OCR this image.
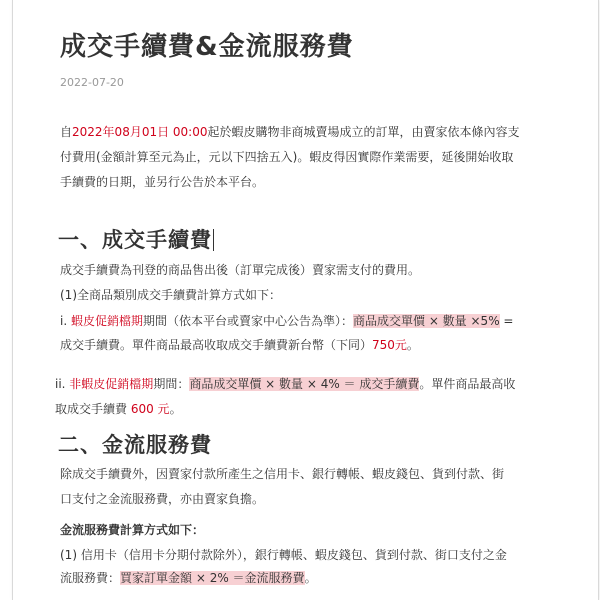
成交手續費&金流服務費
2022-07-20
自2022年08月01日 00:00起於蝦皮購物非商城賣場成立的訂單，由賣家依本條內容支
付費用(金額計算至元為止，元以下四捨五入)。蝦皮得因實際作業需要，延後開始收取
手續費的日期，並另行公告於本平台。
一、成交手續費
成交手續費為刊登的商品售出後（訂單完成後）賣家需支付的費用。
(1)全商品類別成交手續費計算方式如下：
i. 蝦皮促銷檔期期間（依本平台或賣家中心公告為準）：商品成交單價 × 數量 ×5% =
成交手續費。單件商品最高收取成交手續費新台幣（下同）750元。
ii. 非蝦皮促銷檔期期間：商品成交單價 × 數量 × 4% ＝ 成交手續費。單件商品最高收
取成交手續費 600 元。
二、金流服務費
除成交手續費外，因賣家付款所產生之信用卡、銀行轉帳、蝦皮錢包、貨到付款、街
口支付之金流服務費，亦由賣家負擔。
金流服務費計算方式如下：
(1) 信用卡（信用卡分期付款除外），銀行轉帳、蝦皮錢包、貨到付款、街口支付之金
流服務費：買家訂單金額 × 2% ＝金流服務費。
